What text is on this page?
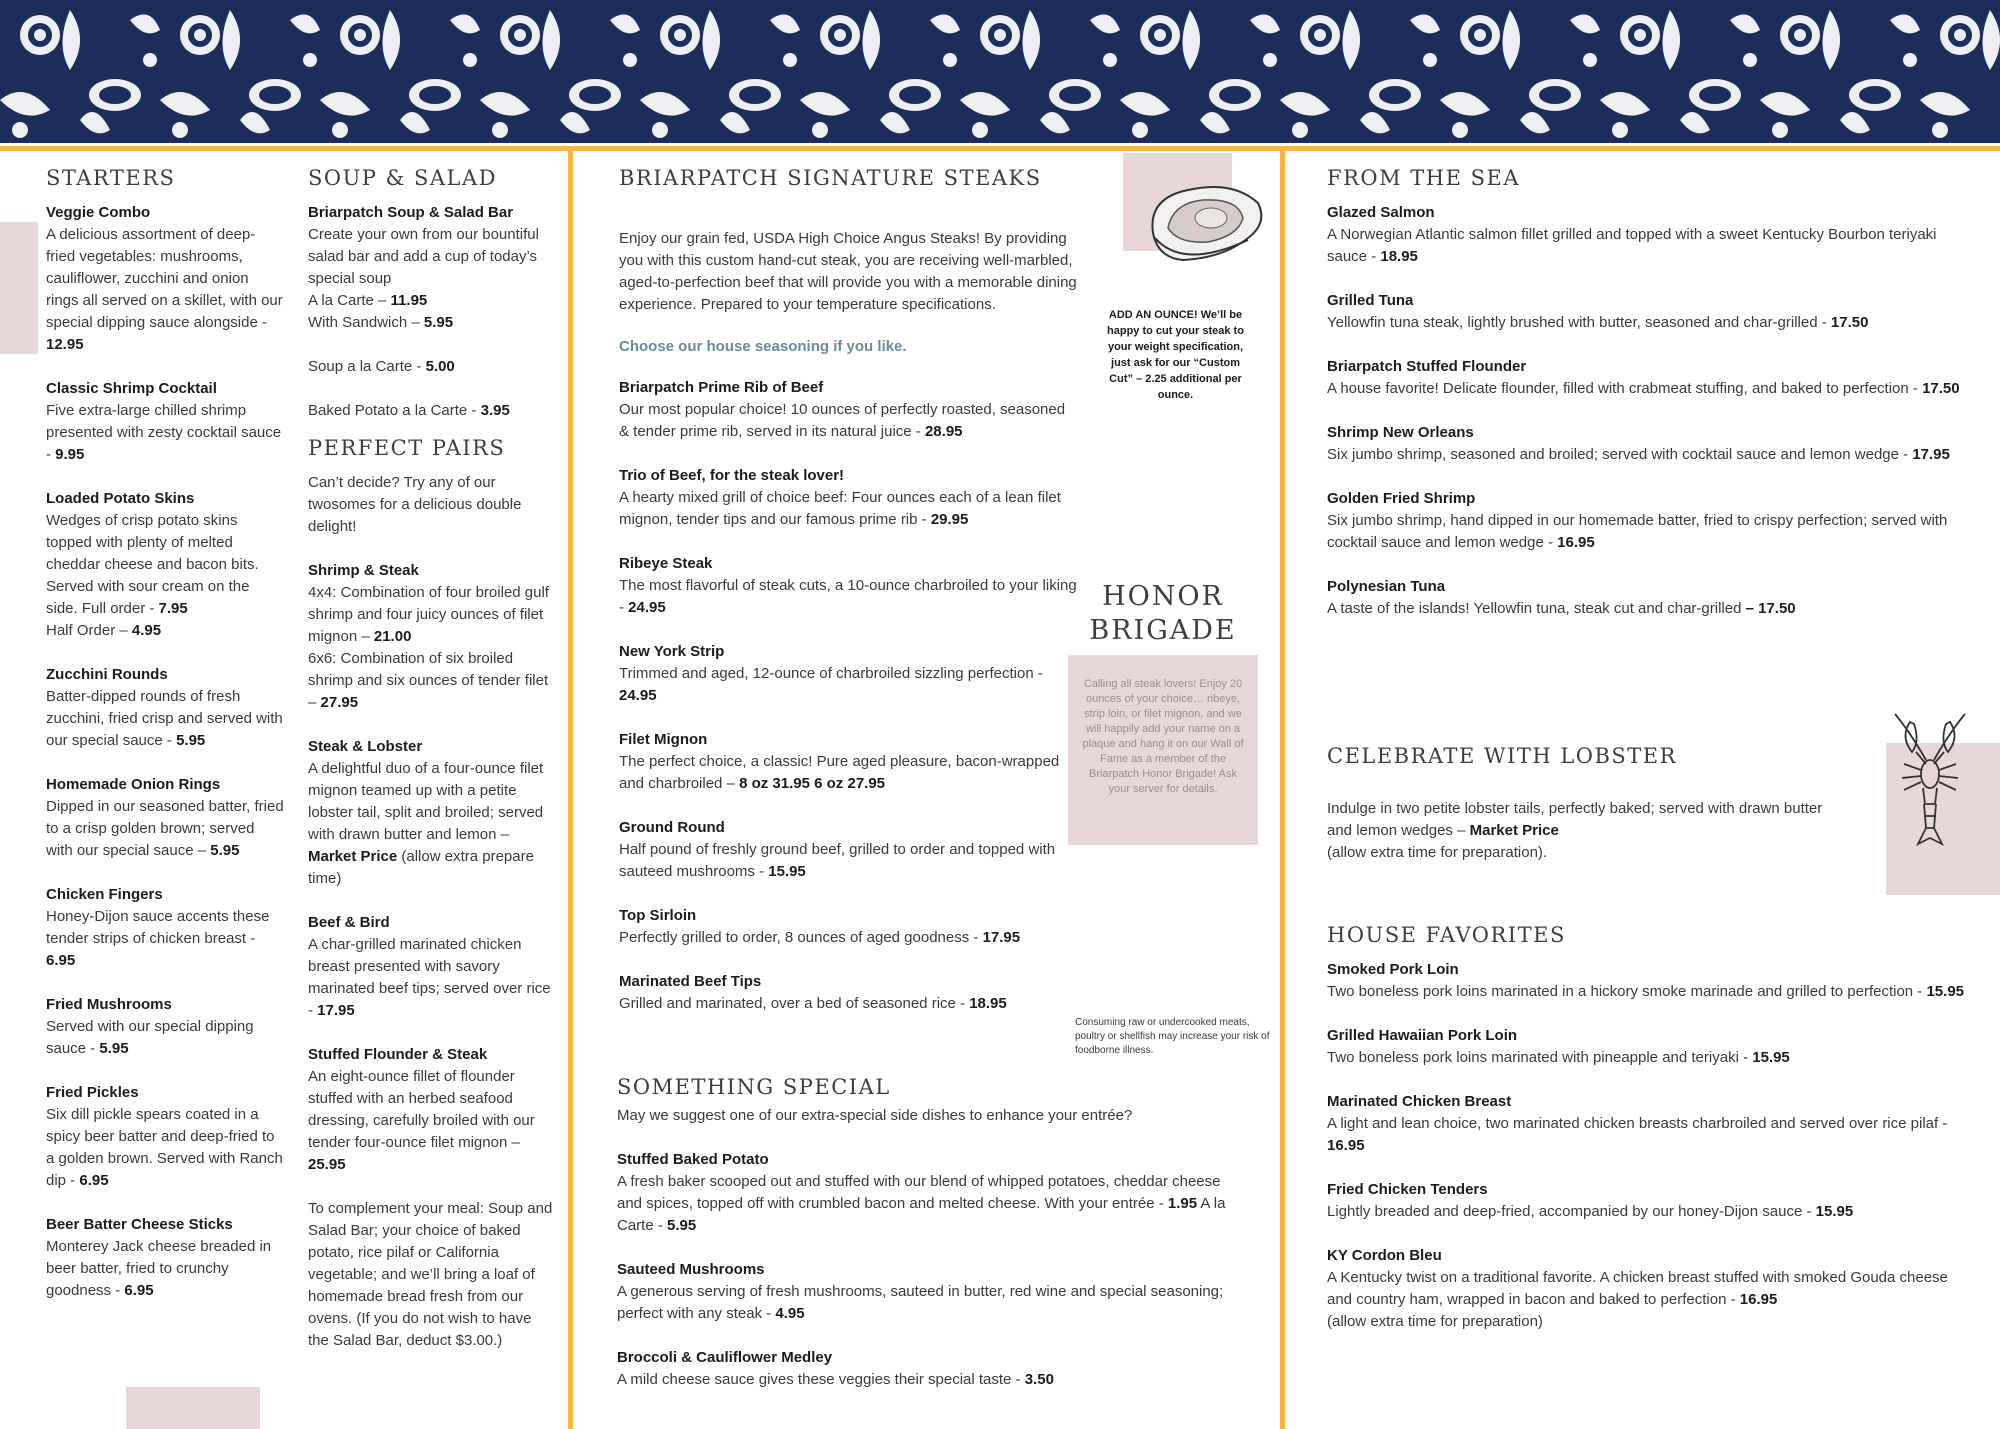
STARTERS
Veggie Combo
A delicious assortment of deep-fried vegetables: mushrooms, cauliflower, zucchini and onion rings all served on a skillet, with our special dipping sauce alongside - 12.95
Classic Shrimp Cocktail
Five extra-large chilled shrimp presented with zesty cocktail sauce - 9.95
Loaded Potato Skins
Wedges of crisp potato skins topped with plenty of melted cheddar cheese and bacon bits. Served with sour cream on the side. Full order - 7.95
Half Order – 4.95
Zucchini Rounds
Batter-dipped rounds of fresh zucchini, fried crisp and served with our special sauce - 5.95
Homemade Onion Rings
Dipped in our seasoned batter, fried to a crisp golden brown; served with our special sauce – 5.95
Chicken Fingers
Honey-Dijon sauce accents these tender strips of chicken breast - 6.95
Fried Mushrooms
Served with our special dipping sauce - 5.95
Fried Pickles
Six dill pickle spears coated in a spicy beer batter and deep-fried to a golden brown. Served with Ranch dip - 6.95
Beer Batter Cheese Sticks
Monterey Jack cheese breaded in beer batter, fried to crunchy goodness - 6.95
SOUP & SALAD
Briarpatch Soup & Salad Bar
Create your own from our bountiful salad bar and add a cup of today’s special soup
A la Carte – 11.95
With Sandwich – 5.95
Soup a la Carte - 5.00
Baked Potato a la Carte - 3.95
PERFECT PAIRS
Can’t decide? Try any of our twosomes for a delicious double delight!
Shrimp & Steak
4x4: Combination of four broiled gulf shrimp and four juicy ounces of filet mignon – 21.00
6x6: Combination of six broiled shrimp and six ounces of tender filet – 27.95
Steak & Lobster
A delightful duo of a four-ounce filet mignon teamed up with a petite lobster tail, split and broiled; served with drawn butter and lemon – Market Price (allow extra prepare time)
Beef & Bird
A char-grilled marinated chicken breast presented with savory marinated beef tips; served over rice - 17.95
Stuffed Flounder & Steak
An eight-ounce fillet of flounder stuffed with an herbed seafood dressing, carefully broiled with our tender four-ounce filet mignon – 25.95
To complement your meal: Soup and Salad Bar; your choice of baked potato, rice pilaf or California vegetable; and we’ll bring a loaf of homemade bread fresh from our ovens. (If you do not wish to have the Salad Bar, deduct $3.00.)
BRIARPATCH SIGNATURE STEAKS
Enjoy our grain fed, USDA High Choice Angus Steaks! By providing you with this custom hand-cut steak, you are receiving well-marbled, aged-to-perfection beef that will provide you with a memorable dining experience. Prepared to your temperature specifications.
Choose our house seasoning if you like.
Briarpatch Prime Rib of Beef
Our most popular choice! 10 ounces of perfectly roasted, seasoned & tender prime rib, served in its natural juice - 28.95
Trio of Beef, for the steak lover!
A hearty mixed grill of choice beef: Four ounces each of a lean filet mignon, tender tips and our famous prime rib - 29.95
Ribeye Steak
The most flavorful of steak cuts, a 10-ounce charbroiled to your liking - 24.95
New York Strip
Trimmed and aged, 12-ounce of charbroiled sizzling perfection - 24.95
Filet Mignon
The perfect choice, a classic! Pure aged pleasure, bacon-wrapped and charbroiled – 8 oz 31.95 6 oz 27.95
Ground Round
Half pound of freshly ground beef, grilled to order and topped with sauteed mushrooms - 15.95
Top Sirloin
Perfectly grilled to order, 8 ounces of aged goodness - 17.95
Marinated Beef Tips
Grilled and marinated, over a bed of seasoned rice - 18.95
ADD AN OUNCE! We’ll be happy to cut your steak to your weight specification, just ask for our “Custom Cut” – 2.25 additional per ounce.
HONOR BRIGADE
Calling all steak lovers! Enjoy 20 ounces of your choice… ribeye, strip loin, or filet mignon, and we will happily add your name on a plaque and hang it on our Wall of Fame as a member of the Briarpatch Honor Brigade! Ask your server for details.
Consuming raw or undercooked meats, poultry or shellfish may increase your risk of foodborne illness.
SOMETHING SPECIAL
May we suggest one of our extra-special side dishes to enhance your entrée?
Stuffed Baked Potato
A fresh baker scooped out and stuffed with our blend of whipped potatoes, cheddar cheese and spices, topped off with crumbled bacon and melted cheese. With your entrée - 1.95 A la Carte - 5.95
Sauteed Mushrooms
A generous serving of fresh mushrooms, sauteed in butter, red wine and special seasoning; perfect with any steak - 4.95
Broccoli & Cauliflower Medley
A mild cheese sauce gives these veggies their special taste - 3.50
FROM THE SEA
Glazed Salmon
A Norwegian Atlantic salmon fillet grilled and topped with a sweet Kentucky Bourbon teriyaki sauce - 18.95
Grilled Tuna
Yellowfin tuna steak, lightly brushed with butter, seasoned and char-grilled - 17.50
Briarpatch Stuffed Flounder
A house favorite! Delicate flounder, filled with crabmeat stuffing, and baked to perfection - 17.50
Shrimp New Orleans
Six jumbo shrimp, seasoned and broiled; served with cocktail sauce and lemon wedge - 17.95
Golden Fried Shrimp
Six jumbo shrimp, hand dipped in our homemade batter, fried to crispy perfection; served with cocktail sauce and lemon wedge - 16.95
Polynesian Tuna
A taste of the islands! Yellowfin tuna, steak cut and char-grilled – 17.50
CELEBRATE WITH LOBSTER
Indulge in two petite lobster tails, perfectly baked; served with drawn butter and lemon wedges – Market Price
(allow extra time for preparation).
HOUSE FAVORITES
Smoked Pork Loin
Two boneless pork loins marinated in a hickory smoke marinade and grilled to perfection - 15.95
Grilled Hawaiian Pork Loin
Two boneless pork loins marinated with pineapple and teriyaki - 15.95
Marinated Chicken Breast
A light and lean choice, two marinated chicken breasts charbroiled and served over rice pilaf - 16.95
Fried Chicken Tenders
Lightly breaded and deep-fried, accompanied by our honey-Dijon sauce - 15.95
KY Cordon Bleu
A Kentucky twist on a traditional favorite. A chicken breast stuffed with smoked Gouda cheese and country ham, wrapped in bacon and baked to perfection - 16.95
(allow extra time for preparation)
